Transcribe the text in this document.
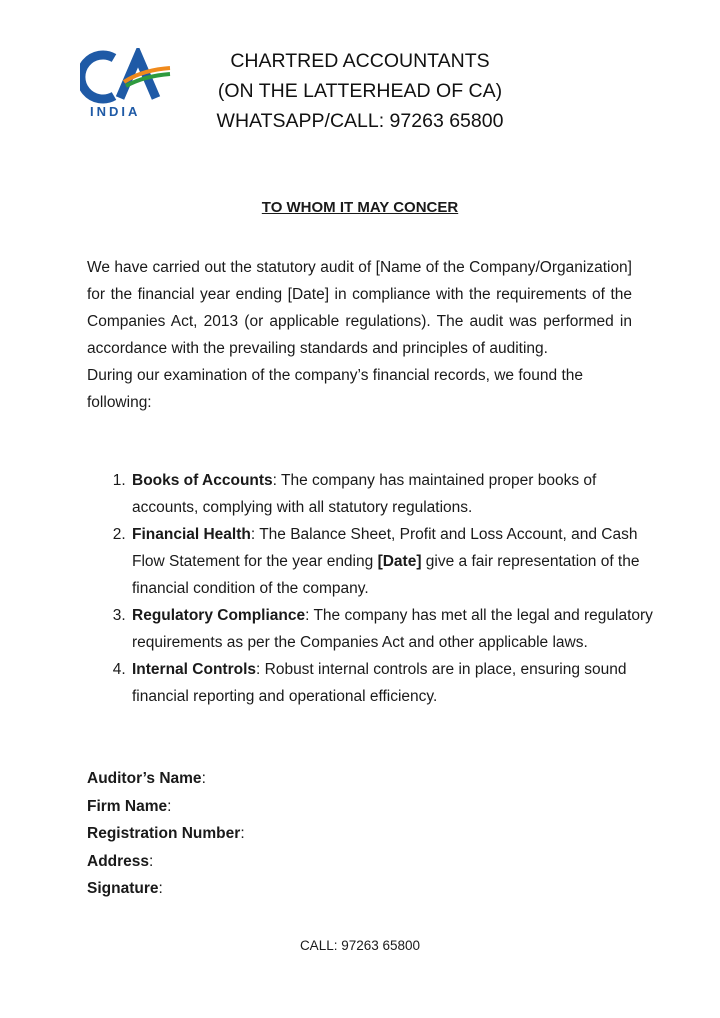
INDIA
CHARTRED ACCOUNTANTS
(ON THE LATTERHEAD OF CA)
WHATSAPP/CALL: 97263 65800
TO WHOM IT MAY CONCER

We have carried out the statutory audit of [Name of the Company/Organization] for the financial year ending [Date] in compliance with the requirements of the Companies Act, 2013 (or applicable regulations). The audit was performed in accordance with the prevailing standards and principles of auditing.

During our examination of the company’s financial records, we found the following:

1. Books of Accounts: The company has maintained proper books of accounts, complying with all statutory regulations.
2. Financial Health: The Balance Sheet, Profit and Loss Account, and Cash Flow Statement for the year ending [Date] give a fair representation of the financial condition of the company.
3. Regulatory Compliance: The company has met all the legal and regulatory requirements as per the Companies Act and other applicable laws.
4. Internal Controls: Robust internal controls are in place, ensuring sound financial reporting and operational efficiency.
Auditor’s Name:
Firm Name:
Registration Number:
Address:
Signature:
CALL: 97263 65800
